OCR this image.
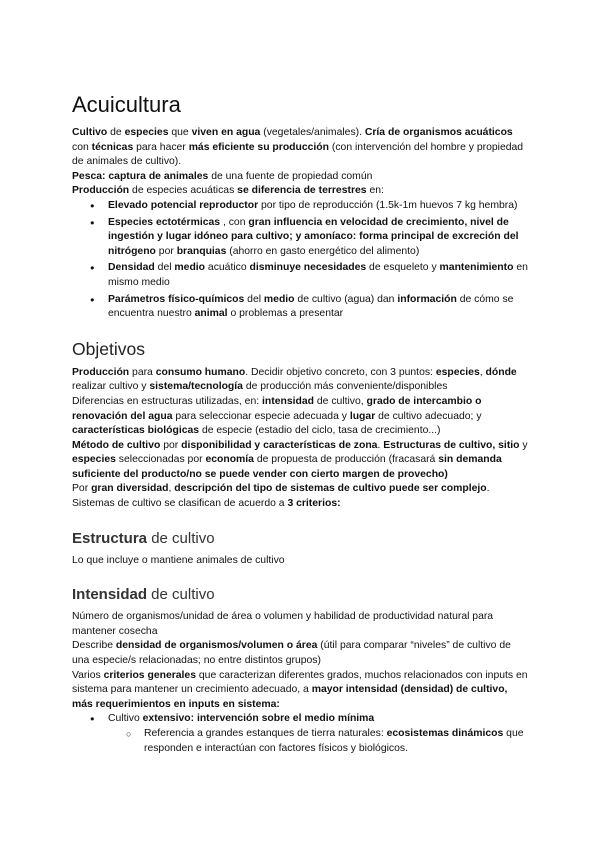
Acuicultura

Cultivo de especies que viven en agua (vegetales/animales). Cría de organismos acuáticos con técnicas para hacer más eficiente su producción (con intervención del hombre y propiedad de animales de cultivo).

Pesca: captura de animales de una fuente de propiedad común

Producción de especies acuáticas se diferencia de terrestres en:

● Elevado potencial reproductor por tipo de reproducción (1.5k-1m huevos 7 kg hembra)
● Especies ectotérmicas , con gran influencia en velocidad de crecimiento, nivel de ingestión y lugar idóneo para cultivo; y amoníaco: forma principal de excreción del nitrógeno por branquias (ahorro en gasto energético del alimento)
● Densidad del medio acuático disminuye necesidades de esqueleto y mantenimiento en mismo medio
● Parámetros físico-químicos del medio de cultivo (agua) dan información de cómo se encuentra nuestro animal o problemas a presentar
Objetivos

Producción para consumo humano. Decidir objetivo concreto, con 3 puntos: especies, dónde realizar cultivo y sistema/tecnología de producción más conveniente/disponibles

Diferencias en estructuras utilizadas, en: intensidad de cultivo, grado de intercambio o renovación del agua para seleccionar especie adecuada y lugar de cultivo adecuado; y características biológicas de especie (estadio del ciclo, tasa de crecimiento...)

Método de cultivo por disponibilidad y características de zona. Estructuras de cultivo, sitio y especies seleccionadas por economía de propuesta de producción (fracasará sin demanda suficiente del producto/no se puede vender con cierto margen de provecho)

Por gran diversidad, descripción del tipo de sistemas de cultivo puede ser complejo.

Sistemas de cultivo se clasifican de acuerdo a 3 criterios:

Estructura de cultivo

Lo que incluye o mantiene animales de cultivo

Intensidad de cultivo

Número de organismos/unidad de área o volumen y habilidad de productividad natural para mantener cosecha

Describe densidad de organismos/volumen o área (útil para comparar “niveles” de cultivo de una especie/s relacionadas; no entre distintos grupos)

Varios criterios generales que caracterizan diferentes grados, muchos relacionados con inputs en sistema para mantener un crecimiento adecuado, a mayor intensidad (densidad) de cultivo, más requerimientos en inputs en sistema:

● Cultivo extensivo: intervención sobre el medio mínima
○ Referencia a grandes estanques de tierra naturales: ecosistemas dinámicos que responden e interactúan con factores físicos y biológicos.
